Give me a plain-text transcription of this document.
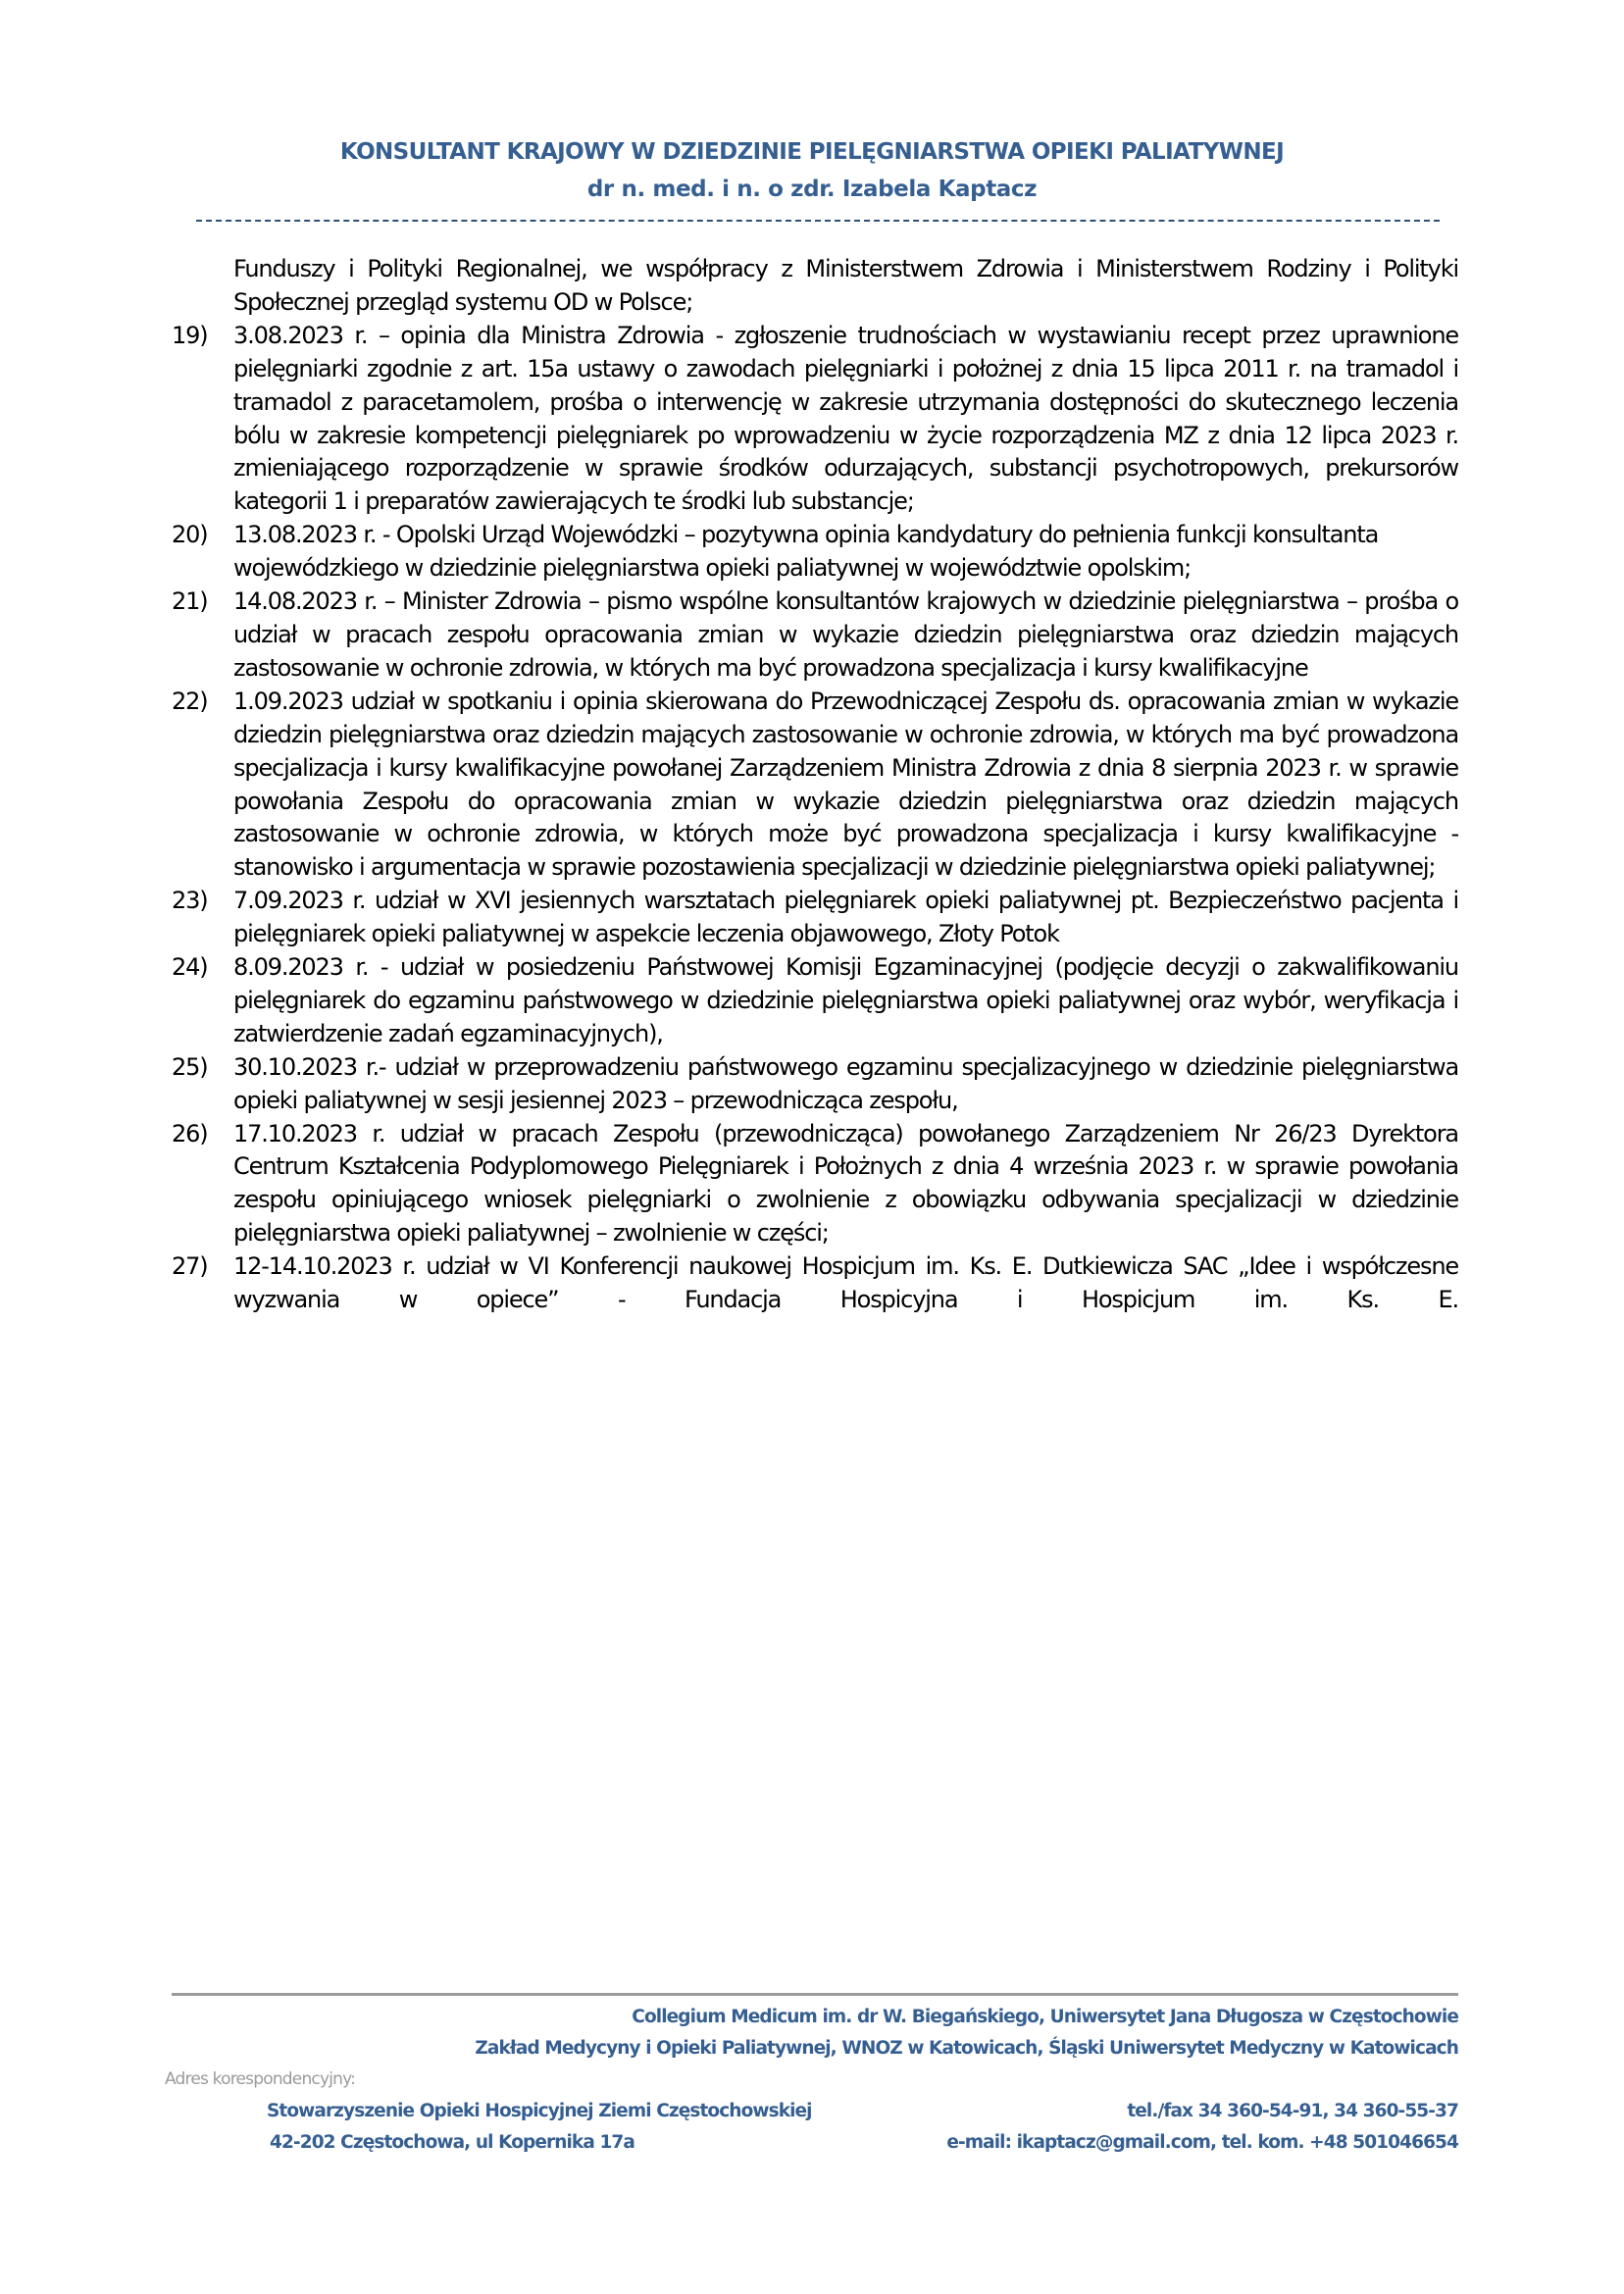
KONSULTANT KRAJOWY W DZIEDZINIE PIELĘGNIARSTWA OPIEKI PALIATYWNEJ
dr n. med. i n. o zdr. Izabela Kaptacz
Funduszy i Polityki Regionalnej, we współpracy z Ministerstwem Zdrowia i Ministerstwem Rodziny i Polityki Społecznej przegląd systemu OD w Polsce;
19)	3.08.2023 r. – opinia dla Ministra Zdrowia - zgłoszenie trudnościach w wystawianiu recept przez uprawnione pielęgniarki zgodnie z art. 15a ustawy o zawodach pielęgniarki i położnej z dnia 15 lipca 2011 r. na tramadol i tramadol z paracetamolem, prośba o interwencję w zakresie utrzymania dostępności do skutecznego leczenia bólu w zakresie kompetencji pielęgniarek po wprowadzeniu w życie rozporządzenia MZ z dnia 12 lipca 2023 r. zmieniającego rozporządzenie w sprawie środków odurzających, substancji psychotropowych, prekursorów kategorii 1 i preparatów zawierających te środki lub substancje;
20)	13.08.2023 r. - Opolski Urząd Wojewódzki – pozytywna opinia kandydatury do pełnienia funkcji konsultanta wojewódzkiego w dziedzinie pielęgniarstwa opieki paliatywnej w województwie opolskim;
21)	14.08.2023 r. – Minister Zdrowia – pismo wspólne konsultantów krajowych w dziedzinie pielęgniarstwa – prośba o udział w pracach zespołu opracowania zmian w wykazie dziedzin pielęgniarstwa oraz dziedzin mających zastosowanie w ochronie zdrowia, w których ma być prowadzona specjalizacja i kursy kwalifikacyjne
22)	1.09.2023 udział w spotkaniu i opinia skierowana do Przewodniczącej Zespołu ds. opracowania zmian w wykazie dziedzin pielęgniarstwa oraz dziedzin mających zastosowanie w ochronie zdrowia, w których ma być prowadzona specjalizacja i kursy kwalifikacyjne powołanej Zarządzeniem Ministra Zdrowia z dnia 8 sierpnia 2023 r. w sprawie powołania Zespołu do opracowania zmian w wykazie dziedzin pielęgniarstwa oraz dziedzin mających zastosowanie w ochronie zdrowia, w których może być prowadzona specjalizacja i kursy kwalifikacyjne - stanowisko i argumentacja w sprawie pozostawienia specjalizacji w dziedzinie pielęgniarstwa opieki paliatywnej;
23)	7.09.2023 r. udział w XVI jesiennych warsztatach pielęgniarek opieki paliatywnej pt. Bezpieczeństwo pacjenta i pielęgniarek opieki paliatywnej w aspekcie leczenia objawowego, Złoty Potok
24)	8.09.2023 r. - udział w posiedzeniu Państwowej Komisji Egzaminacyjnej (podjęcie decyzji o zakwalifikowaniu pielęgniarek do egzaminu państwowego w dziedzinie pielęgniarstwa opieki paliatywnej oraz wybór, weryfikacja i zatwierdzenie zadań egzaminacyjnych),
25)	30.10.2023 r.- udział w przeprowadzeniu państwowego egzaminu specjalizacyjnego w dziedzinie pielęgniarstwa opieki paliatywnej w sesji jesiennej 2023 – przewodnicząca zespołu,
26)	17.10.2023 r. udział w pracach Zespołu (przewodnicząca) powołanego Zarządzeniem Nr 26/23 Dyrektora Centrum Kształcenia Podyplomowego Pielęgniarek i Położnych z dnia 4 września 2023 r. w sprawie powołania zespołu opiniującego wniosek pielęgniarki o zwolnienie z obowiązku odbywania specjalizacji w dziedzinie pielęgniarstwa opieki paliatywnej – zwolnienie w części;
27)	12-14.10.2023 r. udział w VI Konferencji naukowej Hospicjum im. Ks. E. Dutkiewicza SAC „Idee i współczesne wyzwania w opiece” - Fundacja Hospicyjna i Hospicjum im. Ks. E.
Collegium Medicum im. dr W. Biegańskiego, Uniwersytet Jana Długosza w Częstochowie
Zakład Medycyny i Opieki Paliatywnej, WNOZ w Katowicach, Śląski Uniwersytet Medyczny w Katowicach
Adres korespondencyjny:
Stowarzyszenie Opieki Hospicyjnej Ziemi Częstochowskiej	tel./fax 34 360-54-91, 34 360-55-37
42-202 Częstochowa, ul Kopernika 17a	e-mail: ikaptacz@gmail.com, tel. kom. +48 501046654
